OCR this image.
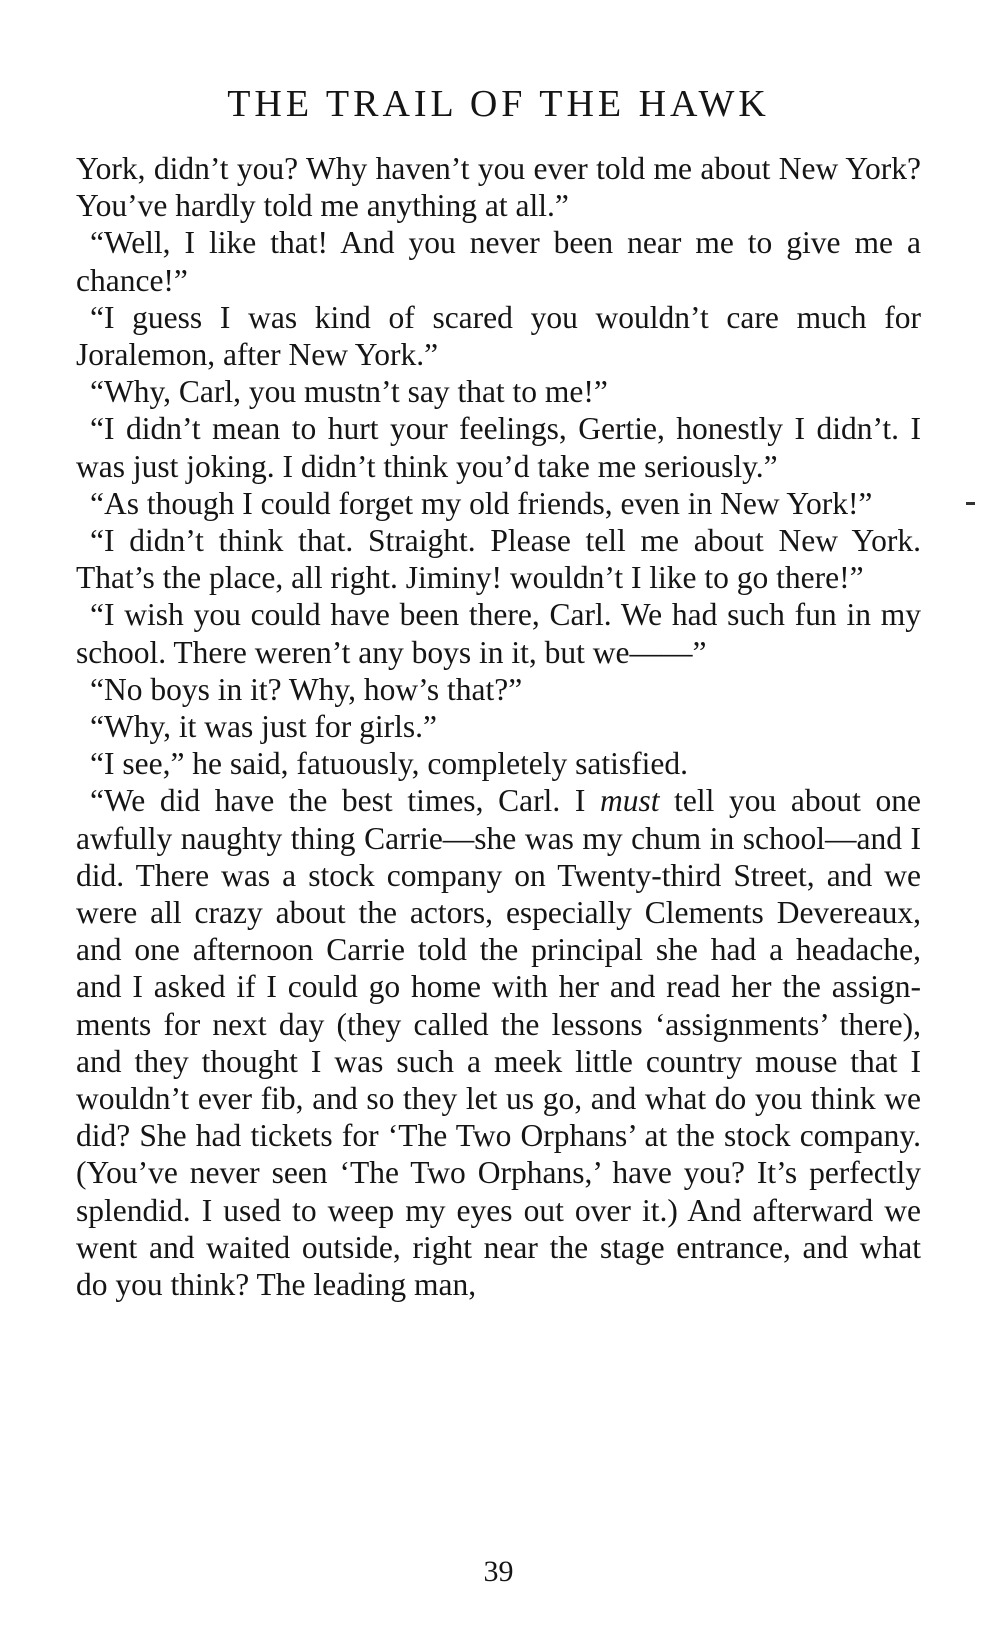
THE TRAIL OF THE HAWK

York, didn’t you? Why haven’t you ever told me about New York? You’ve hardly told me anything at all.”

“Well, I like that! And you never been near me to give me a chance!”

“I guess I was kind of scared you wouldn’t care much for Joralemon, after New York.”

“Why, Carl, you mustn’t say that to me!”

“I didn’t mean to hurt your feelings, Gertie, honestly I didn’t. I was just joking. I didn’t think you’d take me seriously.”

“As though I could forget my old friends, even in New York!”

“I didn’t think that. Straight. Please tell me about New York. That’s the place, all right. Jiminy! wouldn’t I like to go there!”

“I wish you could have been there, Carl. We had such fun in my school. There weren’t any boys in it, but we——”

“No boys in it? Why, how’s that?”

“Why, it was just for girls.”

“I see,” he said, fatuously, completely satisfied.

“We did have the best times, Carl. I must tell you about one awfully naughty thing Carrie—she was my chum in school—and I did. There was a stock company on Twenty-third Street, and we were all crazy about the actors, especially Clements Devereaux, and one afternoon Carrie told the principal she had a headache, and I asked if I could go home with her and read her the assignments for next day (they called the lessons ‘assignments’ there), and they thought I was such a meek little country mouse that I wouldn’t ever fib, and so they let us go, and what do you think we did? She had tickets for ‘The Two Orphans’ at the stock company. (You’ve never seen ‘The Two Orphans,’ have you? It’s perfectly splendid. I used to weep my eyes out over it.) And afterward we went and waited outside, right near the stage entrance, and what do you think? The leading man,

39
